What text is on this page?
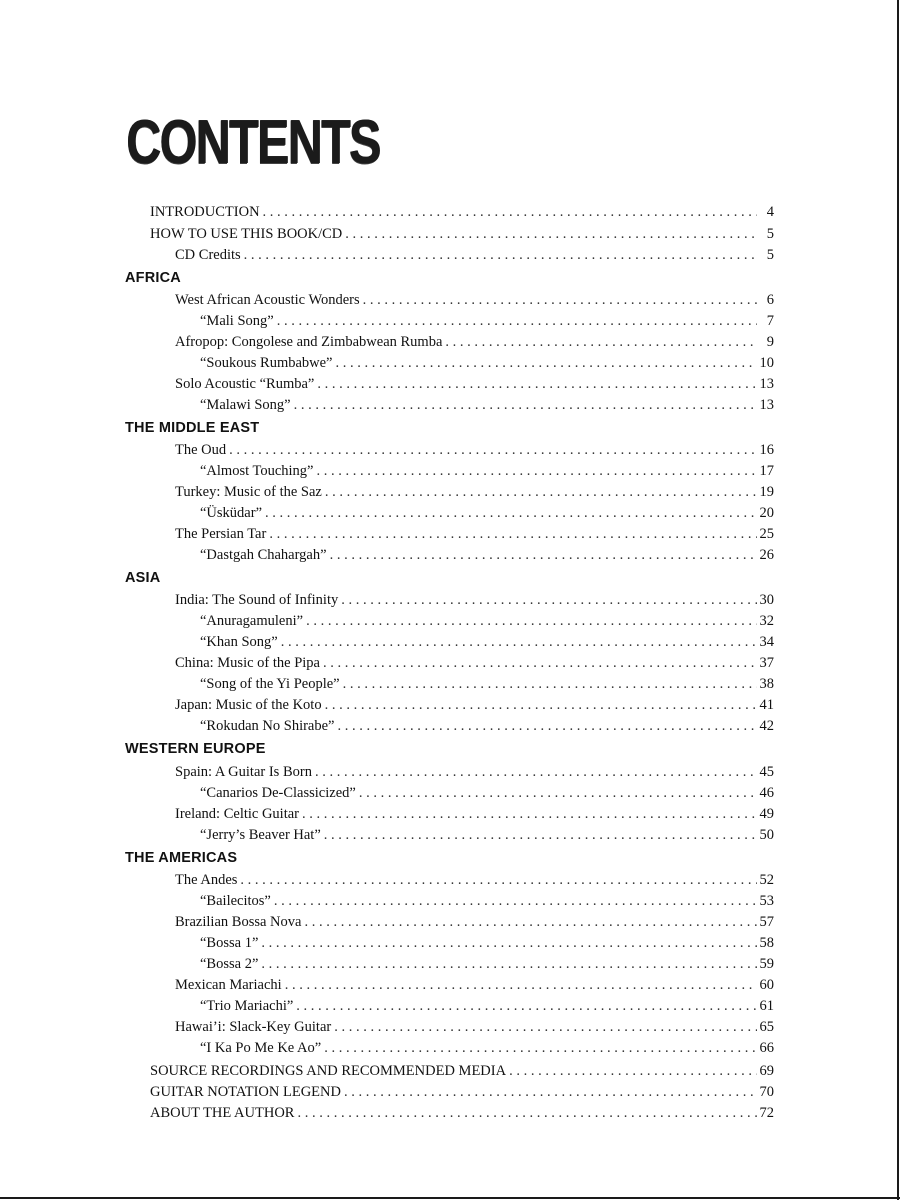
CONTENTS
INTRODUCTION . . .	4
HOW TO USE THIS BOOK/CD . . .	5
CD Credits . . .	5
AFRICA
West African Acoustic Wonders . . .	6
“Mali Song” . . .	7
Afropop: Congolese and Zimbabwean Rumba . . .	9
“Soukous Rumbabwe” . . .	10
Solo Acoustic “Rumba” . . .	13
“Malawi Song” . . .	13
THE MIDDLE EAST
The Oud . . .	16
“Almost Touching” . . .	17
Turkey: Music of the Saz . . .	19
“Üsküdar” . . .	20
The Persian Tar . . .	25
“Dastgah Chahargah” . . .	26
ASIA
India: The Sound of Infinity . . .	30
“Anuragamuleni” . . .	32
“Khan Song” . . .	34
China: Music of the Pipa . . .	37
“Song of the Yi People” . . .	38
Japan: Music of the Koto . . .	41
“Rokudan No Shirabe” . . .	42
WESTERN EUROPE
Spain: A Guitar Is Born . . .	45
“Canarios De-Classicized” . . .	46
Ireland: Celtic Guitar . . .	49
“Jerry’s Beaver Hat” . . .	50
THE AMERICAS
The Andes . . .	52
“Bailecitos” . . .	53
Brazilian Bossa Nova . . .	57
“Bossa 1” . . .	58
“Bossa 2” . . .	59
Mexican Mariachi . . .	60
“Trio Mariachi” . . .	61
Hawai’i: Slack-Key Guitar . . .	65
“I Ka Po Me Ke Ao” . . .	66
SOURCE RECORDINGS AND RECOMMENDED MEDIA . . .	69
GUITAR NOTATION LEGEND . . .	70
ABOUT THE AUTHOR . . .	72
